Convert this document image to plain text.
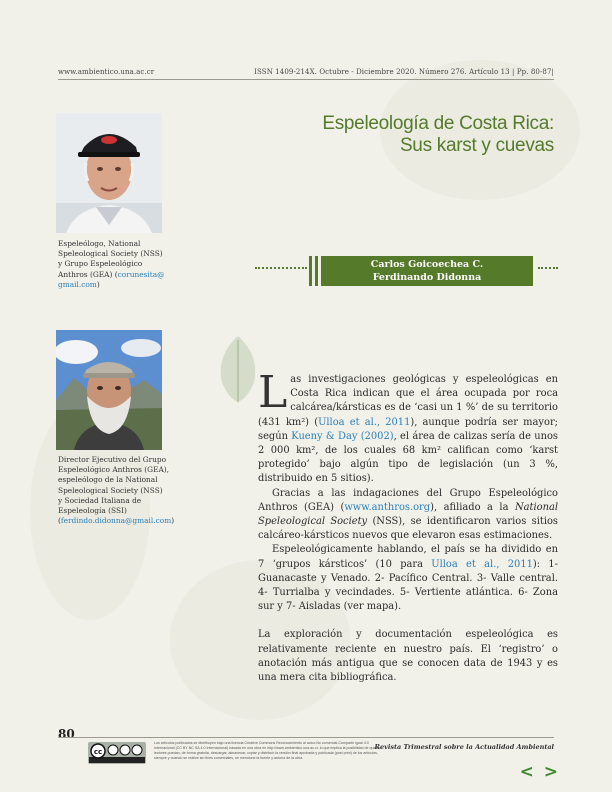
www.ambientico.una.ac.cr	ISSN 1409-214X. Octubre - Diciembre 2020. Número 276. Artículo 13 | Pp. 80-87|
Espeleología de Costa Rica:
Sus karst y cuevas
Espeleólogo, National
Speleological Society (NSS)
y Grupo Espeleológico
Anthros (GEA) (corunesita@
gmail.com)
Director Ejecutivo del Grupo
Espeleológico Anthros (GEA),
espeleólogo de la National
Speleological Society (NSS)
y Sociedad Italiana de
Espeleología (SSI)
(ferdindo.didonna@gmail.com)
Carlos Goicoechea C.
Ferdinando Didonna

Las investigaciones geológicas y espeleológicas en Costa Rica indican que el área ocupada por roca calcárea/kársticas es de ‘casi un 1 %’ de su territorio (431 km²) (Ulloa et al., 2011), aunque podría ser mayor; según Kueny & Day (2002), el área de calizas sería de unos 2 000 km², de los cuales 68 km² califican como ‘karst protegido’ bajo algún tipo de legislación (un 3 %, distribuido en 5 sitios).

Gracias a las indagaciones del Grupo Espeleológico Anthros (GEA) (www.anthros.org), afiliado a la National Speleological Society (NSS), se identificaron varios sitios calcáreo-kársticos nuevos que elevaron esas estimaciones.

Espeleológicamente hablando, el país se ha dividido en 7 ‘grupos kársticos’ (10 para Ulloa et al., 2011): 1- Guanacaste y Venado. 2- Pacífico Central. 3- Valle central. 4- Turrialba y vecindades. 5- Vertiente atlántica. 6- Zona sur y 7- Aisladas (ver mapa).

La exploración y documentación espeleológica es relativamente reciente en nuestro país. El ‘registro’ o anotación más antigua que se conocen data de 1943 y es una mera cita bibliográfica.

80
cc
Los artículos publicados se distribuyen bajo una licencia Creative Commons Reconocimiento al autor-No comercial-Compartir igual 4.0 Internacional (CC BY NC SA 4.0 Internacional) basada en una obra en http://www.ambientico.una.ac.cr, lo que implica la posibilidad de que los lectores puedan, de forma gratuita, descargar, almacenar, copiar y distribuir la versión final aprobada y publicada (post print) de los artículos, siempre y cuando se realice sin fines comerciales, se mencione la fuente y autoría de la obra.
Revista Trimestral sobre la Actualidad Ambiental
< >
